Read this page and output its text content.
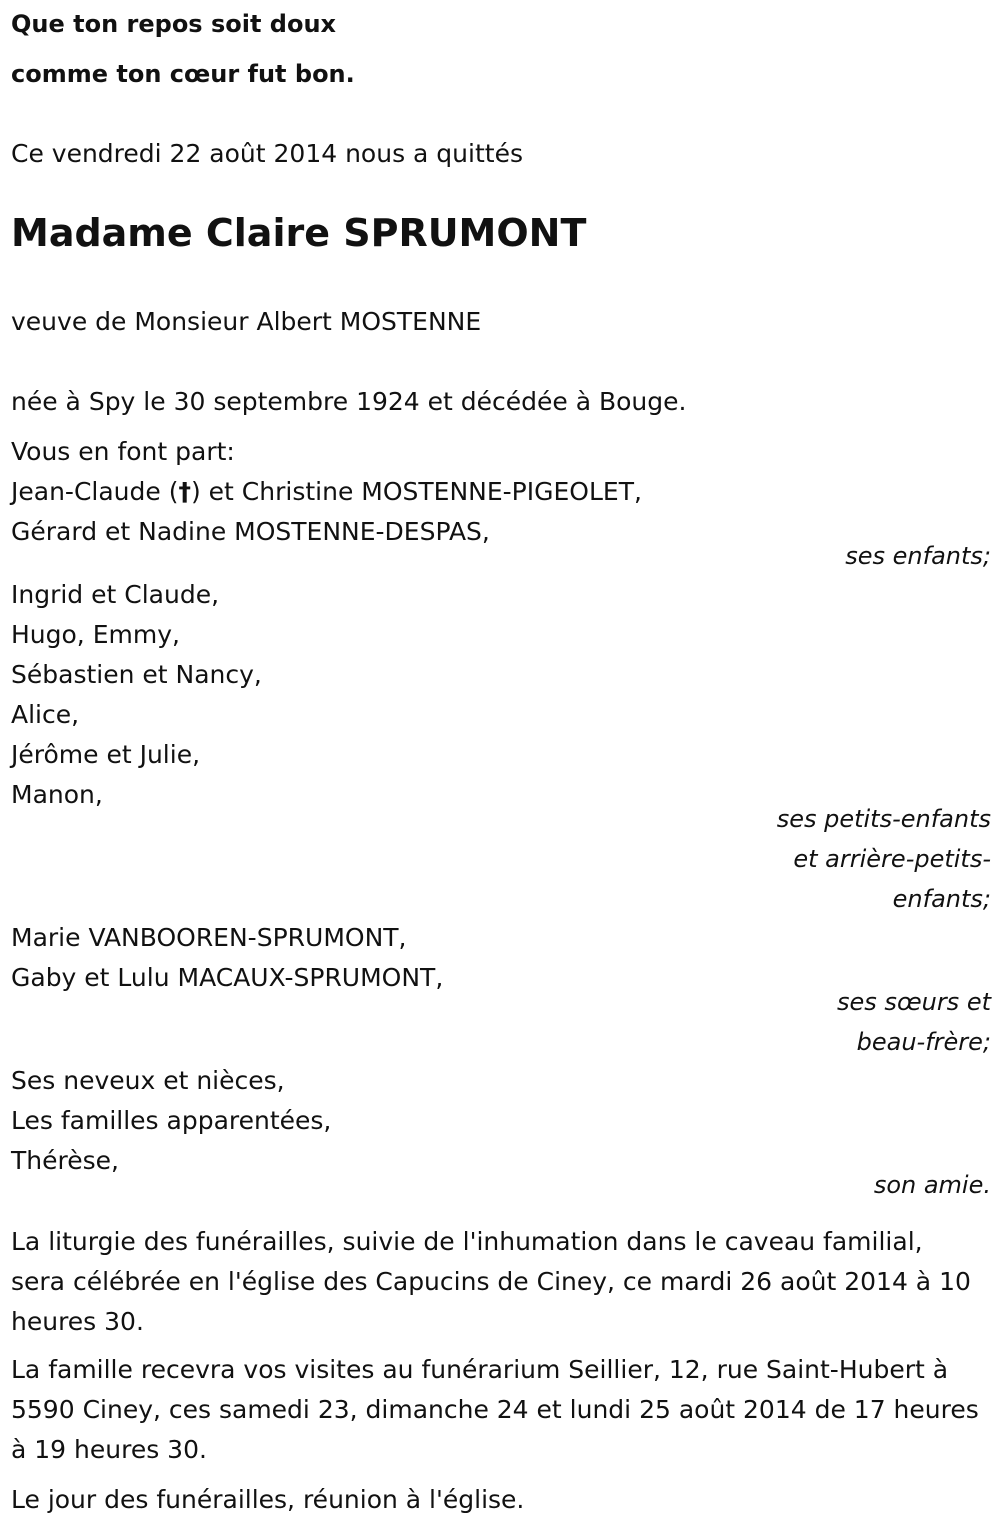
Que ton repos soit doux
comme ton cœur fut bon.
Ce vendredi 22 août 2014 nous a quittés
Madame Claire SPRUMONT
veuve de Monsieur Albert MOSTENNE
née à Spy le 30 septembre 1924 et décédée à Bouge.
Vous en font part:
Jean-Claude (†) et Christine MOSTENNE-PIGEOLET,
Gérard et Nadine MOSTENNE-DESPAS,
ses enfants;
Ingrid et Claude,
Hugo, Emmy,
Sébastien et Nancy,
Alice,
Jérôme et Julie,
Manon,
ses petits-enfants
et arrière-petits-
enfants;
Marie VANBOOREN-SPRUMONT,
Gaby et Lulu MACAUX-SPRUMONT,
ses sœurs et
beau-frère;
Ses neveux et nièces,
Les familles apparentées,
Thérèse,
son amie.
La liturgie des funérailles, suivie de l'inhumation dans le caveau familial, sera célébrée en l'église des Capucins de Ciney, ce mardi 26 août 2014 à 10 heures 30.
La famille recevra vos visites au funérarium Seillier, 12, rue Saint-Hubert à 5590 Ciney, ces samedi 23, dimanche 24 et lundi 25 août 2014 de 17 heures à 19 heures 30.
Le jour des funérailles, réunion à l'église.
